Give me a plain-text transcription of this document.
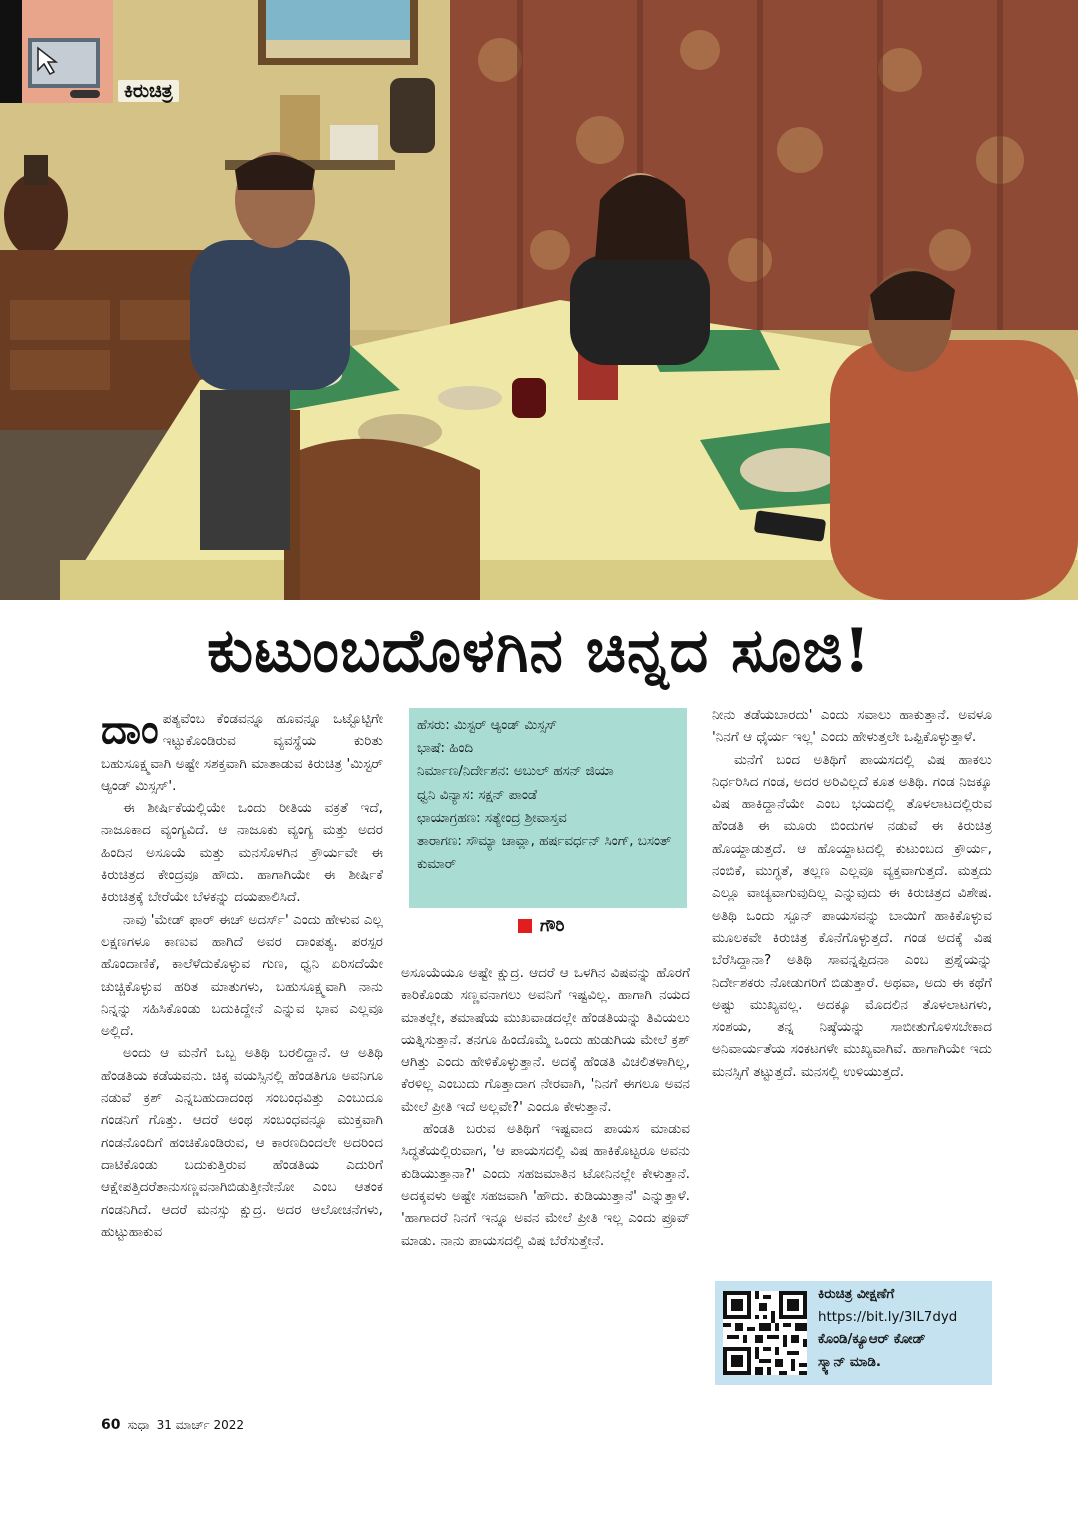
ಕಿರುಚಿತ್ರ
ಕುಟುಂಬದೊಳಗಿನ ಚಿನ್ನದ ಸೂಜಿ!

ದಾಂಪತ್ಯವೆಂಬ ಕೆಂಡವನ್ನೂ ಹೂವನ್ನೂ ಒಟ್ಟೊಟ್ಟಿಗೇ ಇಟ್ಟುಕೊಂಡಿರುವ ವ್ಯವಸ್ಥೆಯ ಕುರಿತು ಬಹುಸೂಕ್ಷ್ಮವಾಗಿ ಅಷ್ಟೇ ಸಶಕ್ತವಾಗಿ ಮಾತಾಡುವ ಕಿರುಚಿತ್ರ 'ಮಿಸ್ಟರ್ ಆ್ಯಂಡ್ ಮಿಸ್ಸಸ್'.

ಈ ಶೀರ್ಷಿಕೆಯಲ್ಲಿಯೇ ಒಂದು ರೀತಿಯ ವಕ್ರತೆ ಇದೆ, ನಾಜೂಕಾದ ವ್ಯಂಗ್ಯವಿದೆ. ಆ ನಾಜೂಕು ವ್ಯಂಗ್ಯ ಮತ್ತು ಅದರ ಹಿಂದಿನ ಅಸೂಯೆ ಮತ್ತು ಮನಸೊಳಗಿನ ಕ್ರೌರ್ಯವೇ ಈ ಕಿರುಚಿತ್ರದ ಕೇಂದ್ರವೂ ಹೌದು. ಹಾಗಾಗಿಯೇ ಈ ಶೀರ್ಷಿಕೆ ಕಿರುಚಿತ್ರಕ್ಕೆ ಬೇರೆಯೇ ಬೆಳಕನ್ನು ದಯಪಾಲಿಸಿದೆ.

ನಾವು 'ಮೇಡ್ ಫಾರ್ ಈಚ್ ಅದರ್ಸ್' ಎಂದು ಹೇಳುವ ಎಲ್ಲ ಲಕ್ಷಣಗಳೂ ಕಾಣುವ ಹಾಗಿದೆ ಅವರ ದಾಂಪತ್ಯ. ಪರಸ್ಪರ ಹೊಂದಾಣಿಕೆ, ಕಾಲೆಳೆದುಕೊಳ್ಳುವ ಗುಣ, ಧ್ವನಿ ಏರಿಸದೆಯೇ ಚುಚ್ಚಿಕೊಳ್ಳುವ ಹರಿತ ಮಾತುಗಳು, ಬಹುಸೂಕ್ಷ್ಮವಾಗಿ ನಾನು ನಿನ್ನನ್ನು ಸಹಿಸಿಕೊಂಡು ಬದುಕಿದ್ದೇನೆ ಎನ್ನುವ ಭಾವ ಎಲ್ಲವೂ ಅಲ್ಲಿದೆ.

ಅಂದು ಆ ಮನೆಗೆ ಒಬ್ಬ ಅತಿಥಿ ಬರಲಿದ್ದಾನೆ. ಆ ಅತಿಥಿ ಹೆಂಡತಿಯ ಕಡೆಯವನು. ಚಿಕ್ಕ ವಯಸ್ಸಿನಲ್ಲಿ ಹೆಂಡತಿಗೂ ಅವನಿಗೂ ನಡುವೆ ಕ್ರಶ್ ಎನ್ನಬಹುದಾದಂಥ ಸಂಬಂಧವಿತ್ತು ಎಂಬುದೂ ಗಂಡನಿಗೆ ಗೊತ್ತು. ಆದರೆ ಅಂಥ ಸಂಬಂಧವನ್ನೂ ಮುಕ್ತವಾಗಿ ಗಂಡನೊಂದಿಗೆ ಹಂಚಿಕೊಂಡಿರುವ, ಆ ಕಾರಣದಿಂದಲೇ ಅದರಿಂದ ದಾಟಿಕೊಂಡು ಬದುಕುತ್ತಿರುವ ಹೆಂಡತಿಯ ಎದುರಿಗೆ ಆಕ್ಷೇಪತ್ತಿದರೆತಾನುಸಣ್ಣವನಾಗಿಬಿಡುತ್ತೀನೇನೋ ಎಂಬ ಆತಂಕ ಗಂಡನಿಗಿದೆ. ಆದರೆ ಮನಸ್ಸು ಕ್ಷುದ್ರ. ಅದರ ಆಲೋಚನೆಗಳು, ಹುಟ್ಟುಹಾಕುವ

ಹೆಸರು: ಮಿಸ್ಟರ್ ಆ್ಯಂಡ್ ಮಿಸ್ಸಸ್
ಭಾಷೆ: ಹಿಂದಿ
ನಿರ್ಮಾಣ/ನಿರ್ದೇಶನ: ಅಬುಲ್ ಹಸನ್ ಜಿಯಾ
ಧ್ವನಿ ವಿನ್ಯಾಸ: ಸಕ್ಷನ್ ಪಾಂಡೆ
ಛಾಯಾಗ್ರಹಣ: ಸತ್ಯೇಂದ್ರ ಶ್ರೀವಾಸ್ತವ
ತಾರಾಗಣ: ಸೌಮ್ಯಾ ಚಾವ್ಲಾ, ಹರ್ಷವರ್ಧನ್ ಸಿಂಗ್, ಬಸಂತ್ ಕುಮಾರ್
ಗೌರಿ

ಅಸೂಯೆಯೂ ಅಷ್ಟೇ ಕ್ಷುದ್ರ. ಆದರೆ ಆ ಒಳಗಿನ ವಿಷವನ್ನು ಹೊರಗೆ ಕಾರಿಕೊಂಡು ಸಣ್ಣವನಾಗಲು ಅವನಿಗೆ ಇಷ್ಟವಿಲ್ಲ. ಹಾಗಾಗಿ ನಯದ ಮಾತಲ್ಲೇ, ತಮಾಷೆಯ ಮುಖವಾಡದಲ್ಲೇ ಹೆಂಡತಿಯನ್ನು ತಿವಿಯಲು ಯತ್ನಿಸುತ್ತಾನೆ. ತನಗೂ ಹಿಂದೊಮ್ಮೆ ಒಂದು ಹುಡುಗಿಯ ಮೇಲೆ ಕ್ರಶ್ ಆಗಿತ್ತು ಎಂದು ಹೇಳಿಕೊಳ್ಳುತ್ತಾನೆ. ಅದಕ್ಕೆ ಹೆಂಡತಿ ವಿಚಲಿತಳಾಗಿಲ್ಲ, ಕೆರಳಿಲ್ಲ ಎಂಬುದು ಗೊತ್ತಾದಾಗ ನೇರವಾಗಿ, 'ನಿನಗೆ ಈಗಲೂ ಅವನ ಮೇಲೆ ಪ್ರೀತಿ ಇದೆ ಅಲ್ಲವೇ?' ಎಂದೂ ಕೇಳುತ್ತಾನೆ.

ಹೆಂಡತಿ ಬರುವ ಅತಿಥಿಗೆ ಇಷ್ಟವಾದ ಪಾಯಸ ಮಾಡುವ ಸಿದ್ಧತೆಯಲ್ಲಿರುವಾಗ, 'ಆ ಪಾಯಸದಲ್ಲಿ ವಿಷ ಹಾಕಿಕೊಟ್ಟರೂ ಅವನು ಕುಡಿಯುತ್ತಾನಾ?' ಎಂದು ಸಹಜಮಾತಿನ ಟೋನಿನಲ್ಲೇ ಕೇಳುತ್ತಾನೆ. ಅದಕ್ಕವಳು ಅಷ್ಟೇ ಸಹಜವಾಗಿ 'ಹೌದು. ಕುಡಿಯುತ್ತಾನೆ' ಎನ್ನುತ್ತಾಳೆ. 'ಹಾಗಾದರೆ ನಿನಗೆ ಇನ್ನೂ ಅವನ ಮೇಲೆ ಪ್ರೀತಿ ಇಲ್ಲ ಎಂದು ಪ್ರೂವ್ ಮಾಡು. ನಾನು ಪಾಯಸದಲ್ಲಿ ವಿಷ ಬೆರೆಸುತ್ತೇನೆ.

ನೀನು ತಡೆಯಬಾರದು' ಎಂದು ಸವಾಲು ಹಾಕುತ್ತಾನೆ. ಅವಳೂ 'ನಿನಗೆ ಆ ಧೈರ್ಯ ಇಲ್ಲ' ಎಂದು ಹೇಳುತ್ತಲೇ ಒಪ್ಪಿಕೊಳ್ಳುತ್ತಾಳೆ.

ಮನೆಗೆ ಬಂದ ಅತಿಥಿಗೆ ಪಾಯಸದಲ್ಲಿ ವಿಷ ಹಾಕಲು ನಿರ್ಧರಿಸಿದ ಗಂಡ, ಅದರ ಅರಿವಿಲ್ಲದೆ ಕೂತ ಅತಿಥಿ. ಗಂಡ ನಿಜಕ್ಕೂ ವಿಷ ಹಾಕಿದ್ದಾನೆಯೇ ಎಂಬ ಭಯದಲ್ಲಿ ತೊಳಲಾಟದಲ್ಲಿರುವ ಹೆಂಡತಿ ಈ ಮೂರು ಬಿಂದುಗಳ ನಡುವೆ ಈ ಕಿರುಚಿತ್ರ ಹೊಯ್ದಾಡುತ್ತದೆ. ಆ ಹೊಯ್ದಾಟದಲ್ಲಿ ಕುಟುಂಬದ ಕ್ರೌರ್ಯ, ನಂಬಿಕೆ, ಮುಗ್ಧತೆ, ತಲ್ಲಣ ಎಲ್ಲವೂ ವ್ಯಕ್ತವಾಗುತ್ತದೆ. ಮತ್ತದು ಎಲ್ಲೂ ವಾಚ್ಯವಾಗುವುದಿಲ್ಲ ಎನ್ನುವುದು ಈ ಕಿರುಚಿತ್ರದ ವಿಶೇಷ. ಅತಿಥಿ ಒಂದು ಸ್ಪೂನ್ ಪಾಯಸವನ್ನು ಬಾಯಿಗೆ ಹಾಕಿಕೊಳ್ಳುವ ಮೂಲಕವೇ ಕಿರುಚಿತ್ರ ಕೊನೆಗೊಳ್ಳುತ್ತದೆ. ಗಂಡ ಅದಕ್ಕೆ ವಿಷ ಬೆರೆಸಿದ್ದಾನಾ? ಅತಿಥಿ ಸಾವನ್ನಪ್ಪಿದನಾ ಎಂಬ ಪ್ರಶ್ನೆಯನ್ನು ನಿರ್ದೇಶಕರು ನೋಡುಗರಿಗೆ ಬಿಡುತ್ತಾರೆ. ಅಥವಾ, ಅದು ಈ ಕಥೆಗೆ ಅಷ್ಟು ಮುಖ್ಯವಲ್ಲ. ಅದಕ್ಕೂ ಮೊದಲಿನ ತೊಳಲಾಟಗಳು, ಸಂಶಯ, ತನ್ನ ನಿಷ್ಠೆಯನ್ನು ಸಾಬೀತುಗೊಳಿಸಬೇಕಾದ ಅನಿವಾರ್ಯತೆಯ ಸಂಕಟಗಳೇ ಮುಖ್ಯವಾಗಿವೆ. ಹಾಗಾಗಿಯೇ ಇದು ಮನಸ್ಸಿಗೆ ತಟ್ಟುತ್ತದೆ. ಮನಸಲ್ಲಿ ಉಳಿಯುತ್ತದೆ.

ಕಿರುಚಿತ್ರ ವೀಕ್ಷಣೆಗೆ
https://bit.ly/3IL7dyd
ಕೊಂಡಿ/ಕ್ಯೂಆರ್ ಕೋಡ್
ಸ್ಕ್ಯಾನ್ ಮಾಡಿ.
60 ಸುಧಾ 31 ಮಾರ್ಚ್ 2022
